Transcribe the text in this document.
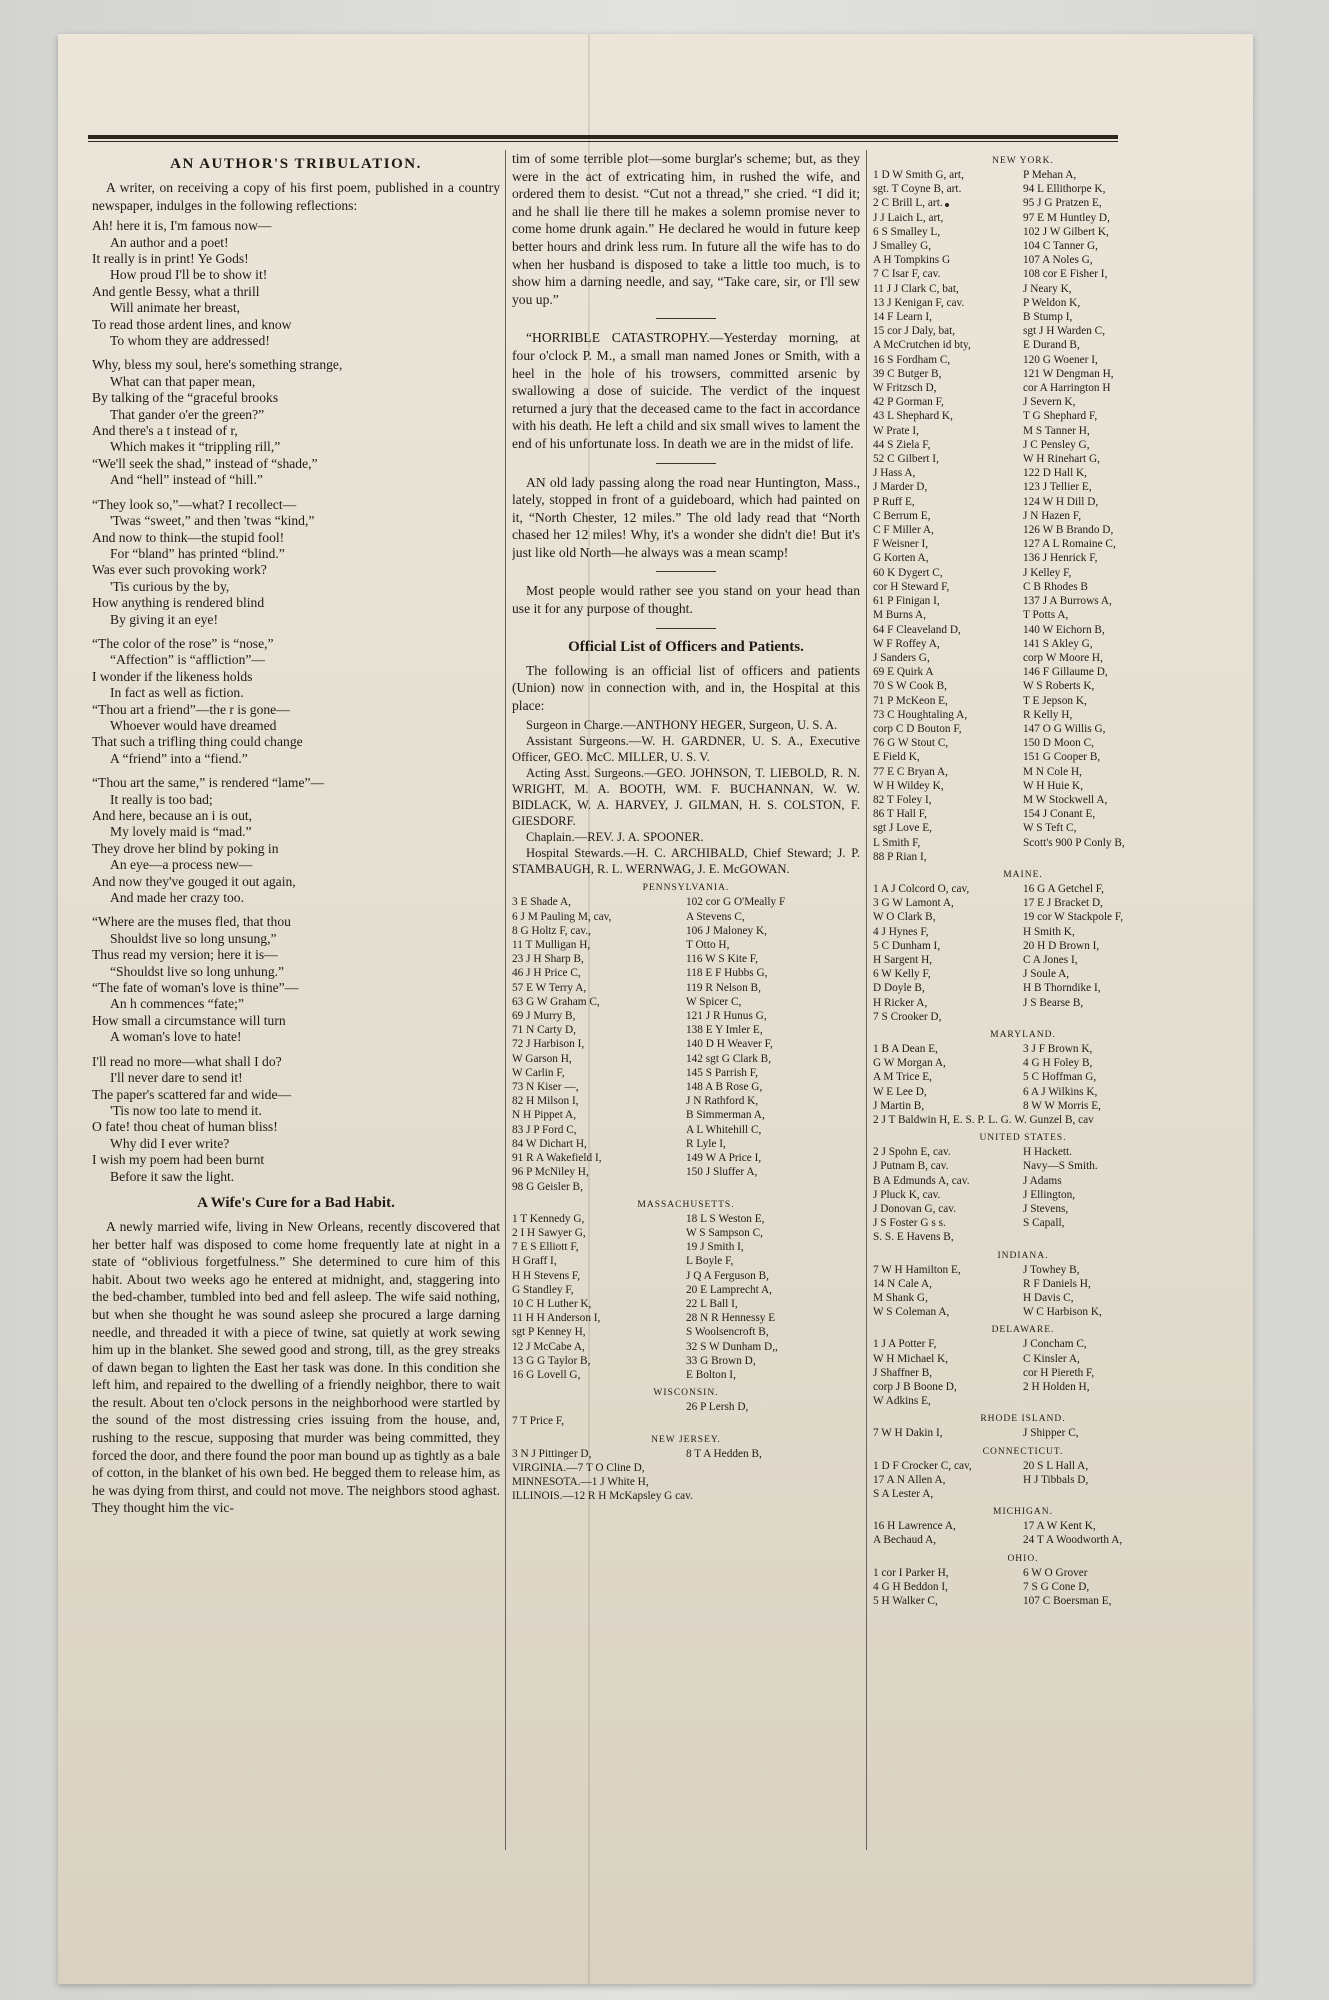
AN AUTHOR'S TRIBULATION.

A writer, on receiving a copy of his first poem, published in a country newspaper, indulges in the following reflections:

Ah! here it is, I'm famous now—
An author and a poet!
It really is in print! Ye Gods!
How proud I'll be to show it!
And gentle Bessy, what a thrill
Will animate her breast,
To read those ardent lines, and know
To whom they are addressed!
Why, bless my soul, here's something strange,
What can that paper mean,
By talking of the “graceful brooks
That gander o'er the green?”
And there's a t instead of r,
Which makes it “trippling rill,”
“We'll seek the shad,” instead of “shade,”
And “hell” instead of “hill.”
“They look so,”—what? I recollect—
'Twas “sweet,” and then 'twas “kind,”
And now to think—the stupid fool!
For “bland” has printed “blind.”
Was ever such provoking work?
'Tis curious by the by,
How anything is rendered blind
By giving it an eye!
“The color of the rose” is “nose,”
“Affection” is “affliction”—
I wonder if the likeness holds
In fact as well as fiction.
“Thou art a friend”—the r is gone—
Whoever would have dreamed
That such a trifling thing could change
A “friend” into a “fiend.”
“Thou art the same,” is rendered “lame”—
It really is too bad;
And here, because an i is out,
My lovely maid is “mad.”
They drove her blind by poking in
An eye—a process new—
And now they've gouged it out again,
And made her crazy too.
“Where are the muses fled, that thou
Shouldst live so long unsung,”
Thus read my version; here it is—
“Shouldst live so long unhung.”
“The fate of woman's love is thine”—
An h commences “fate;”
How small a circumstance will turn
A woman's love to hate!
I'll read no more—what shall I do?
I'll never dare to send it!
The paper's scattered far and wide—
'Tis now too late to mend it.
O fate! thou cheat of human bliss!
Why did I ever write?
I wish my poem had been burnt
Before it saw the light.
A Wife's Cure for a Bad Habit.

A newly married wife, living in New Orleans, recently discovered that her better half was disposed to come home frequently late at night in a state of “oblivious forgetfulness.” She determined to cure him of this habit. About two weeks ago he entered at midnight, and, staggering into the bed-chamber, tumbled into bed and fell asleep. The wife said nothing, but when she thought he was sound asleep she procured a large darning needle, and threaded it with a piece of twine, sat quietly at work sewing him up in the blanket. She sewed good and strong, till, as the grey streaks of dawn began to lighten the East her task was done. In this condition she left him, and repaired to the dwelling of a friendly neighbor, there to wait the result. About ten o'clock persons in the neighborhood were startled by the sound of the most distressing cries issuing from the house, and, rushing to the rescue, supposing that murder was being committed, they forced the door, and there found the poor man bound up as tightly as a bale of cotton, in the blanket of his own bed. He begged them to release him, as he was dying from thirst, and could not move. The neighbors stood aghast. They thought him the vic-

tim of some terrible plot—some burglar's scheme; but, as they were in the act of extricating him, in rushed the wife, and ordered them to desist. “Cut not a thread,” she cried. “I did it; and he shall lie there till he makes a solemn promise never to come home drunk again.” He declared he would in future keep better hours and drink less rum. In future all the wife has to do when her husband is disposed to take a little too much, is to show him a darning needle, and say, “Take care, sir, or I'll sew you up.”

“HORRIBLE CATASTROPHY.—Yesterday morning, at four o'clock P. M., a small man named Jones or Smith, with a heel in the hole of his trowsers, committed arsenic by swallowing a dose of suicide. The verdict of the inquest returned a jury that the deceased came to the fact in accordance with his death. He left a child and six small wives to lament the end of his unfortunate loss. In death we are in the midst of life.

AN old lady passing along the road near Huntington, Mass., lately, stopped in front of a guideboard, which had painted on it, “North Chester, 12 miles.” The old lady read that “North chased her 12 miles! Why, it's a wonder she didn't die! But it's just like old North—he always was a mean scamp!

Most people would rather see you stand on your head than use it for any purpose of thought.

Official List of Officers and Patients.

The following is an official list of officers and patients (Union) now in connection with, and in, the Hospital at this place:

Surgeon in Charge.—ANTHONY HEGER, Surgeon, U. S. A.

Assistant Surgeons.—W. H. GARDNER, U. S. A., Executive Officer, GEO. McC. MILLER, U. S. V.

Acting Asst. Surgeons.—GEO. JOHNSON, T. LIEBOLD, R. N. WRIGHT, M. A. BOOTH, WM. F. BUCHANNAN, W. W. BIDLACK, W. A. HARVEY, J. GILMAN, H. S. COLSTON, F. GIESDORF.

Chaplain.—REV. J. A. SPOONER.

Hospital Stewards.—H. C. ARCHIBALD, Chief Steward; J. P. STAMBAUGH, R. L. WERNWAG, J. E. McGOWAN.

PENNSYLVANIA.
3 E Shade A,	102 cor G O'Meally F
6 J M Pauling M, cav,	A Stevens C,
8 G Holtz F, cav.,	106 J Maloney K,
11 T Mulligan H,	T Otto H,
23 J H Sharp B,	116 W S Kite F,
46 J H Price C,	118 E F Hubbs G,
57 E W Terry A,	119 R Nelson B,
63 G W Graham C,	W Spicer C,
69 J Murry B,	121 J R Hunus G,
71 N Carty D,	138 E Y Imler E,
72 J Harbison I,	140 D H Weaver F,
W Garson H,	142 sgt G Clark B,
W Carlin F,	145 S Parrish F,
73 N Kiser —,	148 A B Rose G,
82 H Milson I,	J N Rathford K,
N H Pippet A,	B Simmerman A,
83 J P Ford C,	A L Whitehill C,
84 W Dichart H,	R Lyle I,
91 R A Wakefield I,	149 W A Price I,
96 P McNiley H,	150 J Sluffer A,
98 G Geisler B,
MASSACHUSETTS.
1 T Kennedy G,	18 L S Weston E,
2 I H Sawyer G,	W S Sampson C,
7 E S Elliott F,	19 J Smith I,
H Graff I,	L Boyle F,
H H Stevens F,	J Q A Ferguson B,
G Standley F,	20 E Lamprecht A,
10 C H Luther K,	22 L Ball I,
11 H H Anderson I,	28 N R Hennessy E
sgt P Kenney H,	S Woolsencroft B,
12 J McCabe A,	32 S W Dunham D,,
13 G G Taylor B,	33 G Brown D,
16 G Lovell G,	E Bolton I,
WISCONSIN.
26 P Lersh D,
7 T Price F,
NEW JERSEY.
3 N J Pittinger D,	8 T A Hedden B,
VIRGINIA.—7 T O Cline D,
MINNESOTA.—1 J White H,
ILLINOIS.—12 R H McKapsley G cav.
NEW YORK.
1 D W Smith G, art,	P Mehan A,
sgt. T Coyne B, art.	94 L Ellithorpe K,
2 C Brill L, art.	95 J G Pratzen E,
J J Laich L, art,	97 E M Huntley D,
6 S Smalley L,	102 J W Gilbert K,
J Smalley G,	104 C Tanner G,
A H Tompkins G	107 A Noles G,
7 C Isar F, cav.	108 cor E Fisher I,
11 J J Clark C, bat,	J Neary K,
13 J Kenigan F, cav.	P Weldon K,
14 F Learn I,	B Stump I,
15 cor J Daly, bat,	sgt J H Warden C,
A McCrutchen id bty,	E Durand B,
16 S Fordham C,	120 G Woener I,
39 C Butger B,	121 W Dengman H,
W Fritzsch D,	cor A Harrington H
42 P Gorman F,	J Severn K,
43 L Shephard K,	T G Shephard F,
W Prate I,	M S Tanner H,
44 S Ziela F,	J C Pensley G,
52 C Gilbert I,	W H Rinehart G,
J Hass A,	122 D Hall K,
J Marder D,	123 J Tellier E,
P Ruff E,	124 W H Dill D,
C Berrum E,	J N Hazen F,
C F Miller A,	126 W B Brando D,
F Weisner I,	127 A L Romaine C,
G Korten A,	136 J Henrick F,
60 K Dygert C,	J Kelley F,
cor H Steward F,	C B Rhodes B
61 P Finigan I,	137 J A Burrows A,
M Burns A,	T Potts A,
64 F Cleaveland D,	140 W Eichorn B,
W F Roffey A,	141 S Akley G,
J Sanders G,	corp W Moore H,
69 E Quirk A	146 F Gillaume D,
70 S W Cook B,	W S Roberts K,
71 P McKeon E,	T E Jepson K,
73 C Houghtaling A,	R Kelly H,
corp C D Bouton F,	147 O G Willis G,
76 G W Stout C,	150 D Moon C,
E Field K,	151 G Cooper B,
77 E C Bryan A,	M N Cole H,
W H Wildey K,	W H Huie K,
82 T Foley I,	M W Stockwell A,
86 T Hall F,	154 J Conant E,
sgt J Love E,	W S Teft C,
L Smith F,	Scott's 900 P Conly B,
88 P Rian I,
MAINE.
1 A J Colcord O, cav,	16 G A Getchel F,
3 G W Lamont A,	17 E J Bracket D,
W O Clark B,	19 cor W Stackpole F,
4 J Hynes F,	H Smith K,
5 C Dunham I,	20 H D Brown I,
H Sargent H,	C A Jones I,
6 W Kelly F,	J Soule A,
D Doyle B,	H B Thorndike I,
H Ricker A,	J S Bearse B,
7 S Crooker D,
MARYLAND.
1 B A Dean E,	3 J F Brown K,
G W Morgan A,	4 G H Foley B,
A M Trice E,	5 C Hoffman G,
W E Lee D,	6 A J Wilkins K,
J Martin B,	8 W W Morris E,
2 J T Baldwin H, E. S. P. L. G. W. Gunzel B, cav
UNITED STATES.
2 J Spohn E, cav.	H Hackett.
J Putnam B, cav.	Navy—S Smith.
B A Edmunds A, cav.	J Adams
J Pluck K, cav.	J Ellington,
J Donovan G, cav.	J Stevens,
J S Foster G s s.	S Capall,
S. S. E Havens B,
INDIANA.
7 W H Hamilton E,	J Towhey B,
14 N Cale A,	R F Daniels H,
M Shank G,	H Davis C,
W S Coleman A,	W C Harbison K,
DELAWARE.
1 J A Potter F,	J Concham C,
W H Michael K,	C Kinsler A,
J Shaffner B,	cor H Piereth F,
corp J B Boone D,	2 H Holden H,
W Adkins E,
RHODE ISLAND.
7 W H Dakin I,	J Shipper C,
CONNECTICUT.
1 D F Crocker C, cav,	20 S L Hall A,
17 A N Allen A,	H J Tibbals D,
S A Lester A,
MICHIGAN.
16 H Lawrence A,	17 A W Kent K,
A Bechaud A,	24 T A Woodworth A,
OHIO.
1 cor I Parker H,	6 W O Grover
4 G H Beddon I,	7 S G Cone D,
5 H Walker C,	107 C Boersman E,
